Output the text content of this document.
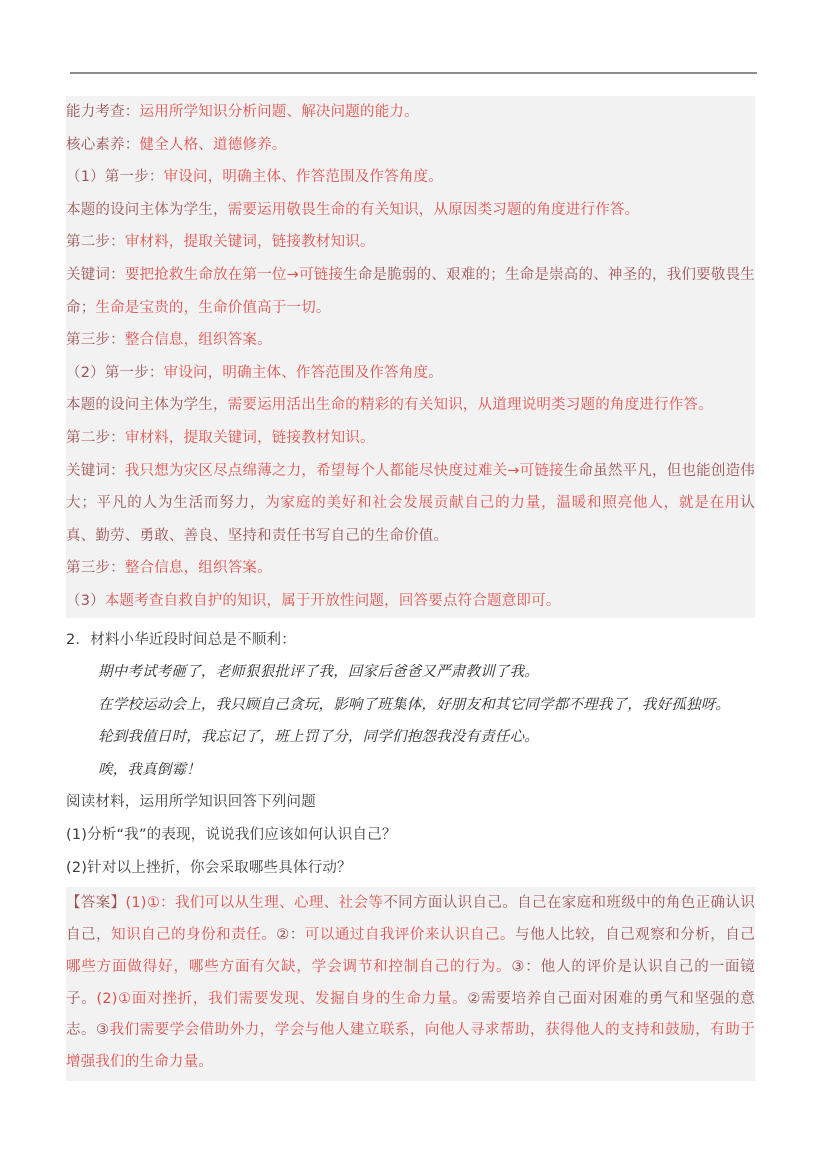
能力考查：运用所学知识分析问题、解决问题的能力。

核心素养：健全人格、道德修养。

（1）第一步：审设问，明确主体、作答范围及作答角度。

本题的设问主体为学生，需要运用敬畏生命的有关知识，从原因类习题的角度进行作答。

第二步：审材料，提取关键词，链接教材知识。

关键词：要把抢救生命放在第一位→可链接生命是脆弱的、艰难的；生命是崇高的、神圣的，我们要敬畏生命；生命是宝贵的，生命价值高于一切。

第三步：整合信息，组织答案。

（2）第一步：审设问，明确主体、作答范围及作答角度。

本题的设问主体为学生，需要运用活出生命的精彩的有关知识，从道理说明类习题的角度进行作答。

第二步：审材料，提取关键词，链接教材知识。

关键词：我只想为灾区尽点绵薄之力，希望每个人都能尽快度过难关→可链接生命虽然平凡，但也能创造伟大；平凡的人为生活而努力，为家庭的美好和社会发展贡献自己的力量，温暖和照亮他人，就是在用认真、勤劳、勇敢、善良、坚持和责任书写自己的生命价值。

第三步：整合信息，组织答案。

（3）本题考查自救自护的知识，属于开放性问题，回答要点符合题意即可。

2．材料小华近段时间总是不顺利：

期中考试考砸了，老师狠狠批评了我，回家后爸爸又严肃教训了我。

在学校运动会上，我只顾自己贪玩，影响了班集体，好朋友和其它同学都不理我了，我好孤独呀。

轮到我值日时，我忘记了，班上罚了分，同学们抱怨我没有责任心。

唉，我真倒霉！

阅读材料，运用所学知识回答下列问题

(1)分析“我”的表现，说说我们应该如何认识自己？

(2)针对以上挫折，你会采取哪些具体行动？

【答案】(1)①：我们可以从生理、心理、社会等不同方面认识自己。自己在家庭和班级中的角色正确认识自己，知识自己的身份和责任。②：可以通过自我评价来认识自己。与他人比较，自己观察和分析，自己哪些方面做得好，哪些方面有欠缺，学会调节和控制自己的行为。③：他人的评价是认识自己的一面镜子。(2)①面对挫折，我们需要发现、发掘自身的生命力量。②需要培养自己面对困难的勇气和坚强的意志。③我们需要学会借助外力，学会与他人建立联系，向他人寻求帮助，获得他人的支持和鼓励，有助于增强我们的生命力量。
